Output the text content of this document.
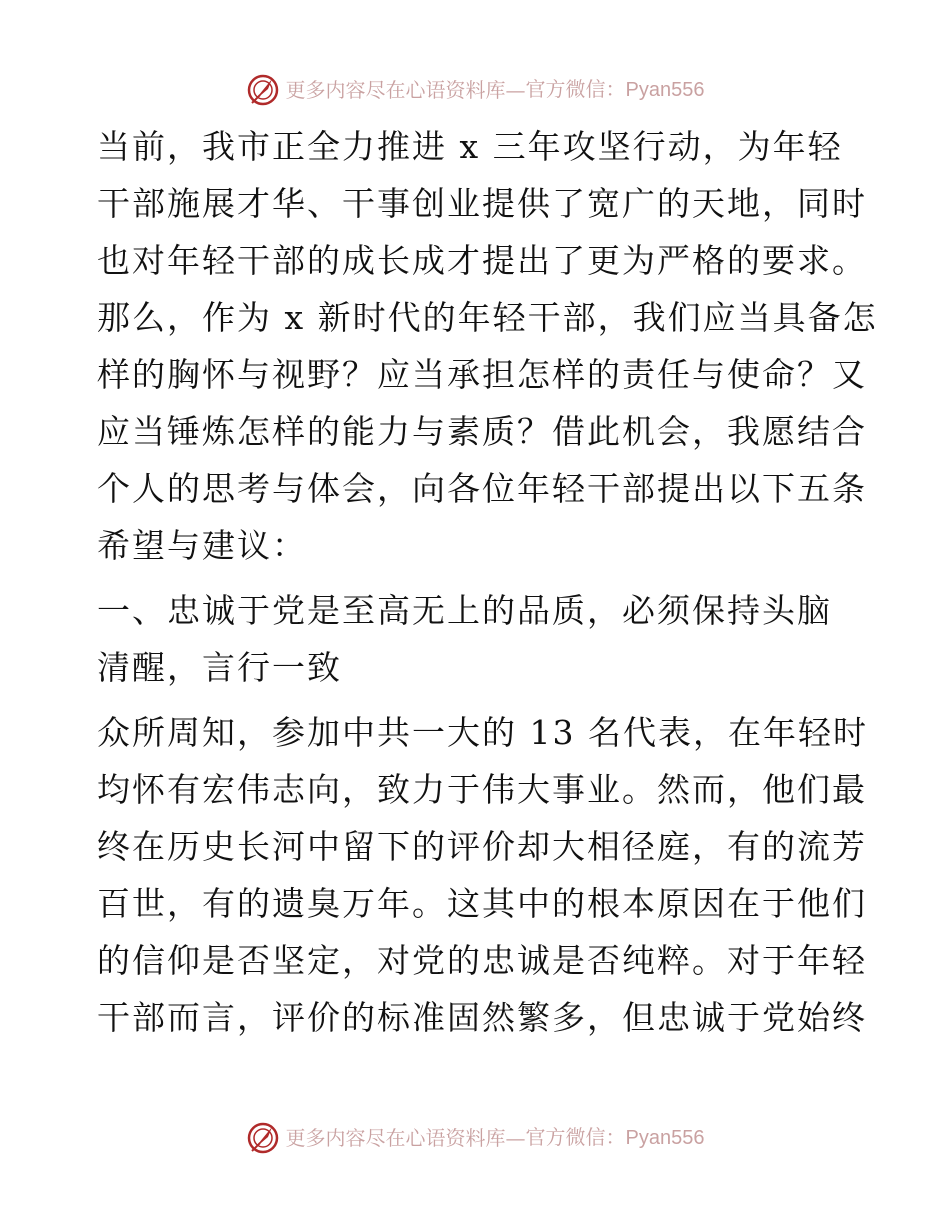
更多内容尽在心语资料库 — 官方微信：Pyan556

当前，我市正全力推进 x 三年攻坚行动，为年轻
干部施展才华、干事创业提供了宽广的天地，同时
也对年轻干部的成长成才提出了更为严格的要求。
那么，作为 x 新时代的年轻干部，我们应当具备怎
样的胸怀与视野？应当承担怎样的责任与使命？又
应当锤炼怎样的能力与素质？借此机会，我愿结合
个人的思考与体会，向各位年轻干部提出以下五条
希望与建议：

一、忠诚于党是至高无上的品质，必须保持头脑
清醒，言行一致

众所周知，参加中共一大的 13 名代表，在年轻时
均怀有宏伟志向，致力于伟大事业。然而，他们最
终在历史长河中留下的评价却大相径庭，有的流芳
百世，有的遗臭万年。这其中的根本原因在于他们
的信仰是否坚定，对党的忠诚是否纯粹。对于年轻
干部而言，评价的标准固然繁多，但忠诚于党始终

更多内容尽在心语资料库 — 官方微信：Pyan556
